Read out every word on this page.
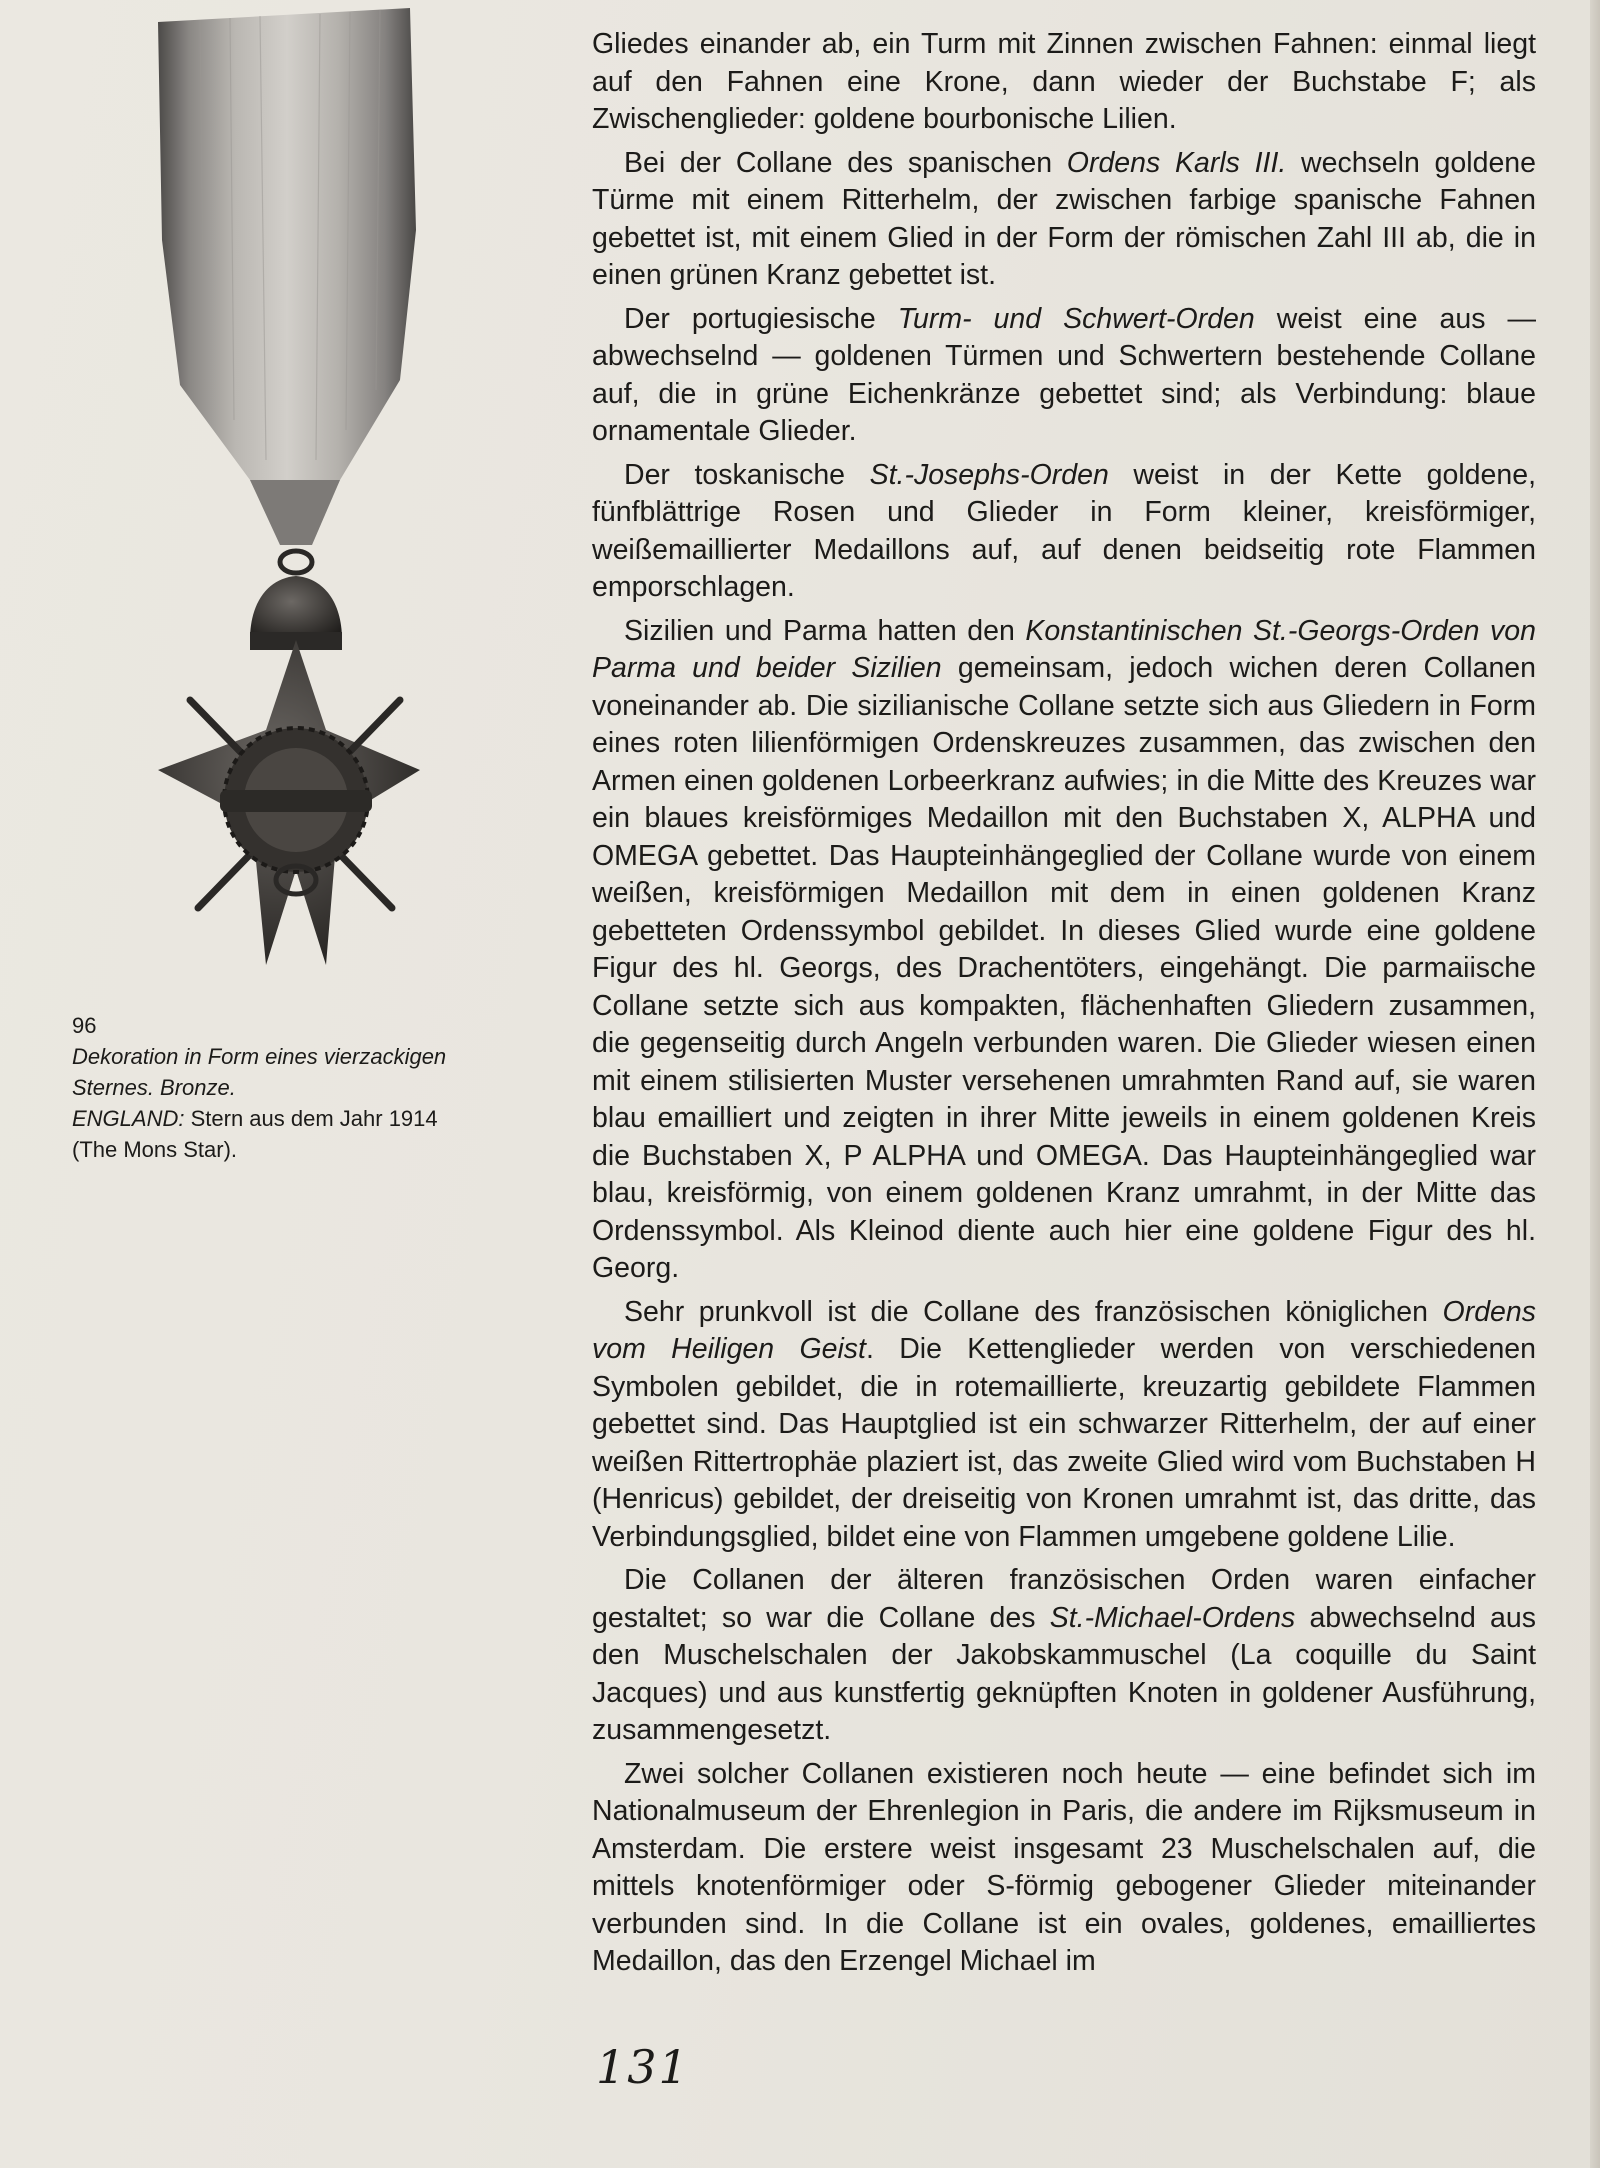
96
Dekoration in Form eines vierzackigen
Sternes. Bronze.
ENGLAND: Stern aus dem Jahr 1914
(The Mons Star).

Gliedes einander ab, ein Turm mit Zinnen zwischen Fahnen: einmal liegt auf den Fahnen eine Krone, dann wieder der Buchstabe F; als Zwischenglieder: goldene bourbonische Lilien.

Bei der Collane des spanischen Ordens Karls III. wechseln goldene Türme mit einem Ritterhelm, der zwischen farbige spanische Fahnen gebettet ist, mit einem Glied in der Form der römischen Zahl III ab, die in einen grünen Kranz gebettet ist.

Der portugiesische Turm- und Schwert-Orden weist eine aus — abwechselnd — goldenen Türmen und Schwertern bestehende Collane auf, die in grüne Eichenkränze gebettet sind; als Verbindung: blaue ornamentale Glieder.

Der toskanische St.-Josephs-Orden weist in der Kette goldene, fünfblättrige Rosen und Glieder in Form kleiner, kreisförmiger, weißemaillierter Medaillons auf, auf denen beidseitig rote Flammen emporschlagen.

Sizilien und Parma hatten den Konstantinischen St.-Georgs-Orden von Parma und beider Sizilien gemeinsam, jedoch wichen deren Collanen voneinander ab. Die sizilianische Collane setzte sich aus Gliedern in Form eines roten lilienförmigen Ordenskreuzes zusammen, das zwischen den Armen einen goldenen Lorbeerkranz aufwies; in die Mitte des Kreuzes war ein blaues kreisförmiges Medaillon mit den Buchstaben X, ALPHA und OMEGA gebettet. Das Haupteinhängeglied der Collane wurde von einem weißen, kreisförmigen Medaillon mit dem in einen goldenen Kranz gebetteten Ordenssymbol gebildet. In dieses Glied wurde eine goldene Figur des hl. Georgs, des Drachentöters, eingehängt. Die parmaiische Collane setzte sich aus kompakten, flächenhaften Gliedern zusammen, die gegenseitig durch Angeln verbunden waren. Die Glieder wiesen einen mit einem stilisierten Muster versehenen umrahmten Rand auf, sie waren blau emailliert und zeigten in ihrer Mitte jeweils in einem goldenen Kreis die Buchstaben X, P ALPHA und OMEGA. Das Haupteinhängeglied war blau, kreisförmig, von einem goldenen Kranz umrahmt, in der Mitte das Ordenssymbol. Als Kleinod diente auch hier eine goldene Figur des hl. Georg.

Sehr prunkvoll ist die Collane des französischen königlichen Ordens vom Heiligen Geist. Die Kettenglieder werden von verschiedenen Symbolen gebildet, die in rotemaillierte, kreuzartig gebildete Flammen gebettet sind. Das Hauptglied ist ein schwarzer Ritterhelm, der auf einer weißen Rittertrophäe plaziert ist, das zweite Glied wird vom Buchstaben H (Henricus) gebildet, der dreiseitig von Kronen umrahmt ist, das dritte, das Verbindungsglied, bildet eine von Flammen umgebene goldene Lilie.

Die Collanen der älteren französischen Orden waren einfacher gestaltet; so war die Collane des St.-Michael-Ordens abwechselnd aus den Muschelschalen der Jakobskammuschel (La coquille du Saint Jacques) und aus kunstfertig geknüpften Knoten in goldener Ausführung, zusammengesetzt.

Zwei solcher Collanen existieren noch heute — eine befindet sich im Nationalmuseum der Ehrenlegion in Paris, die andere im Rijksmuseum in Amsterdam. Die erstere weist insgesamt 23 Muschelschalen auf, die mittels knotenförmiger oder S-förmig gebogener Glieder miteinander verbunden sind. In die Collane ist ein ovales, goldenes, emailliertes Medaillon, das den Erzengel Michael im

131
